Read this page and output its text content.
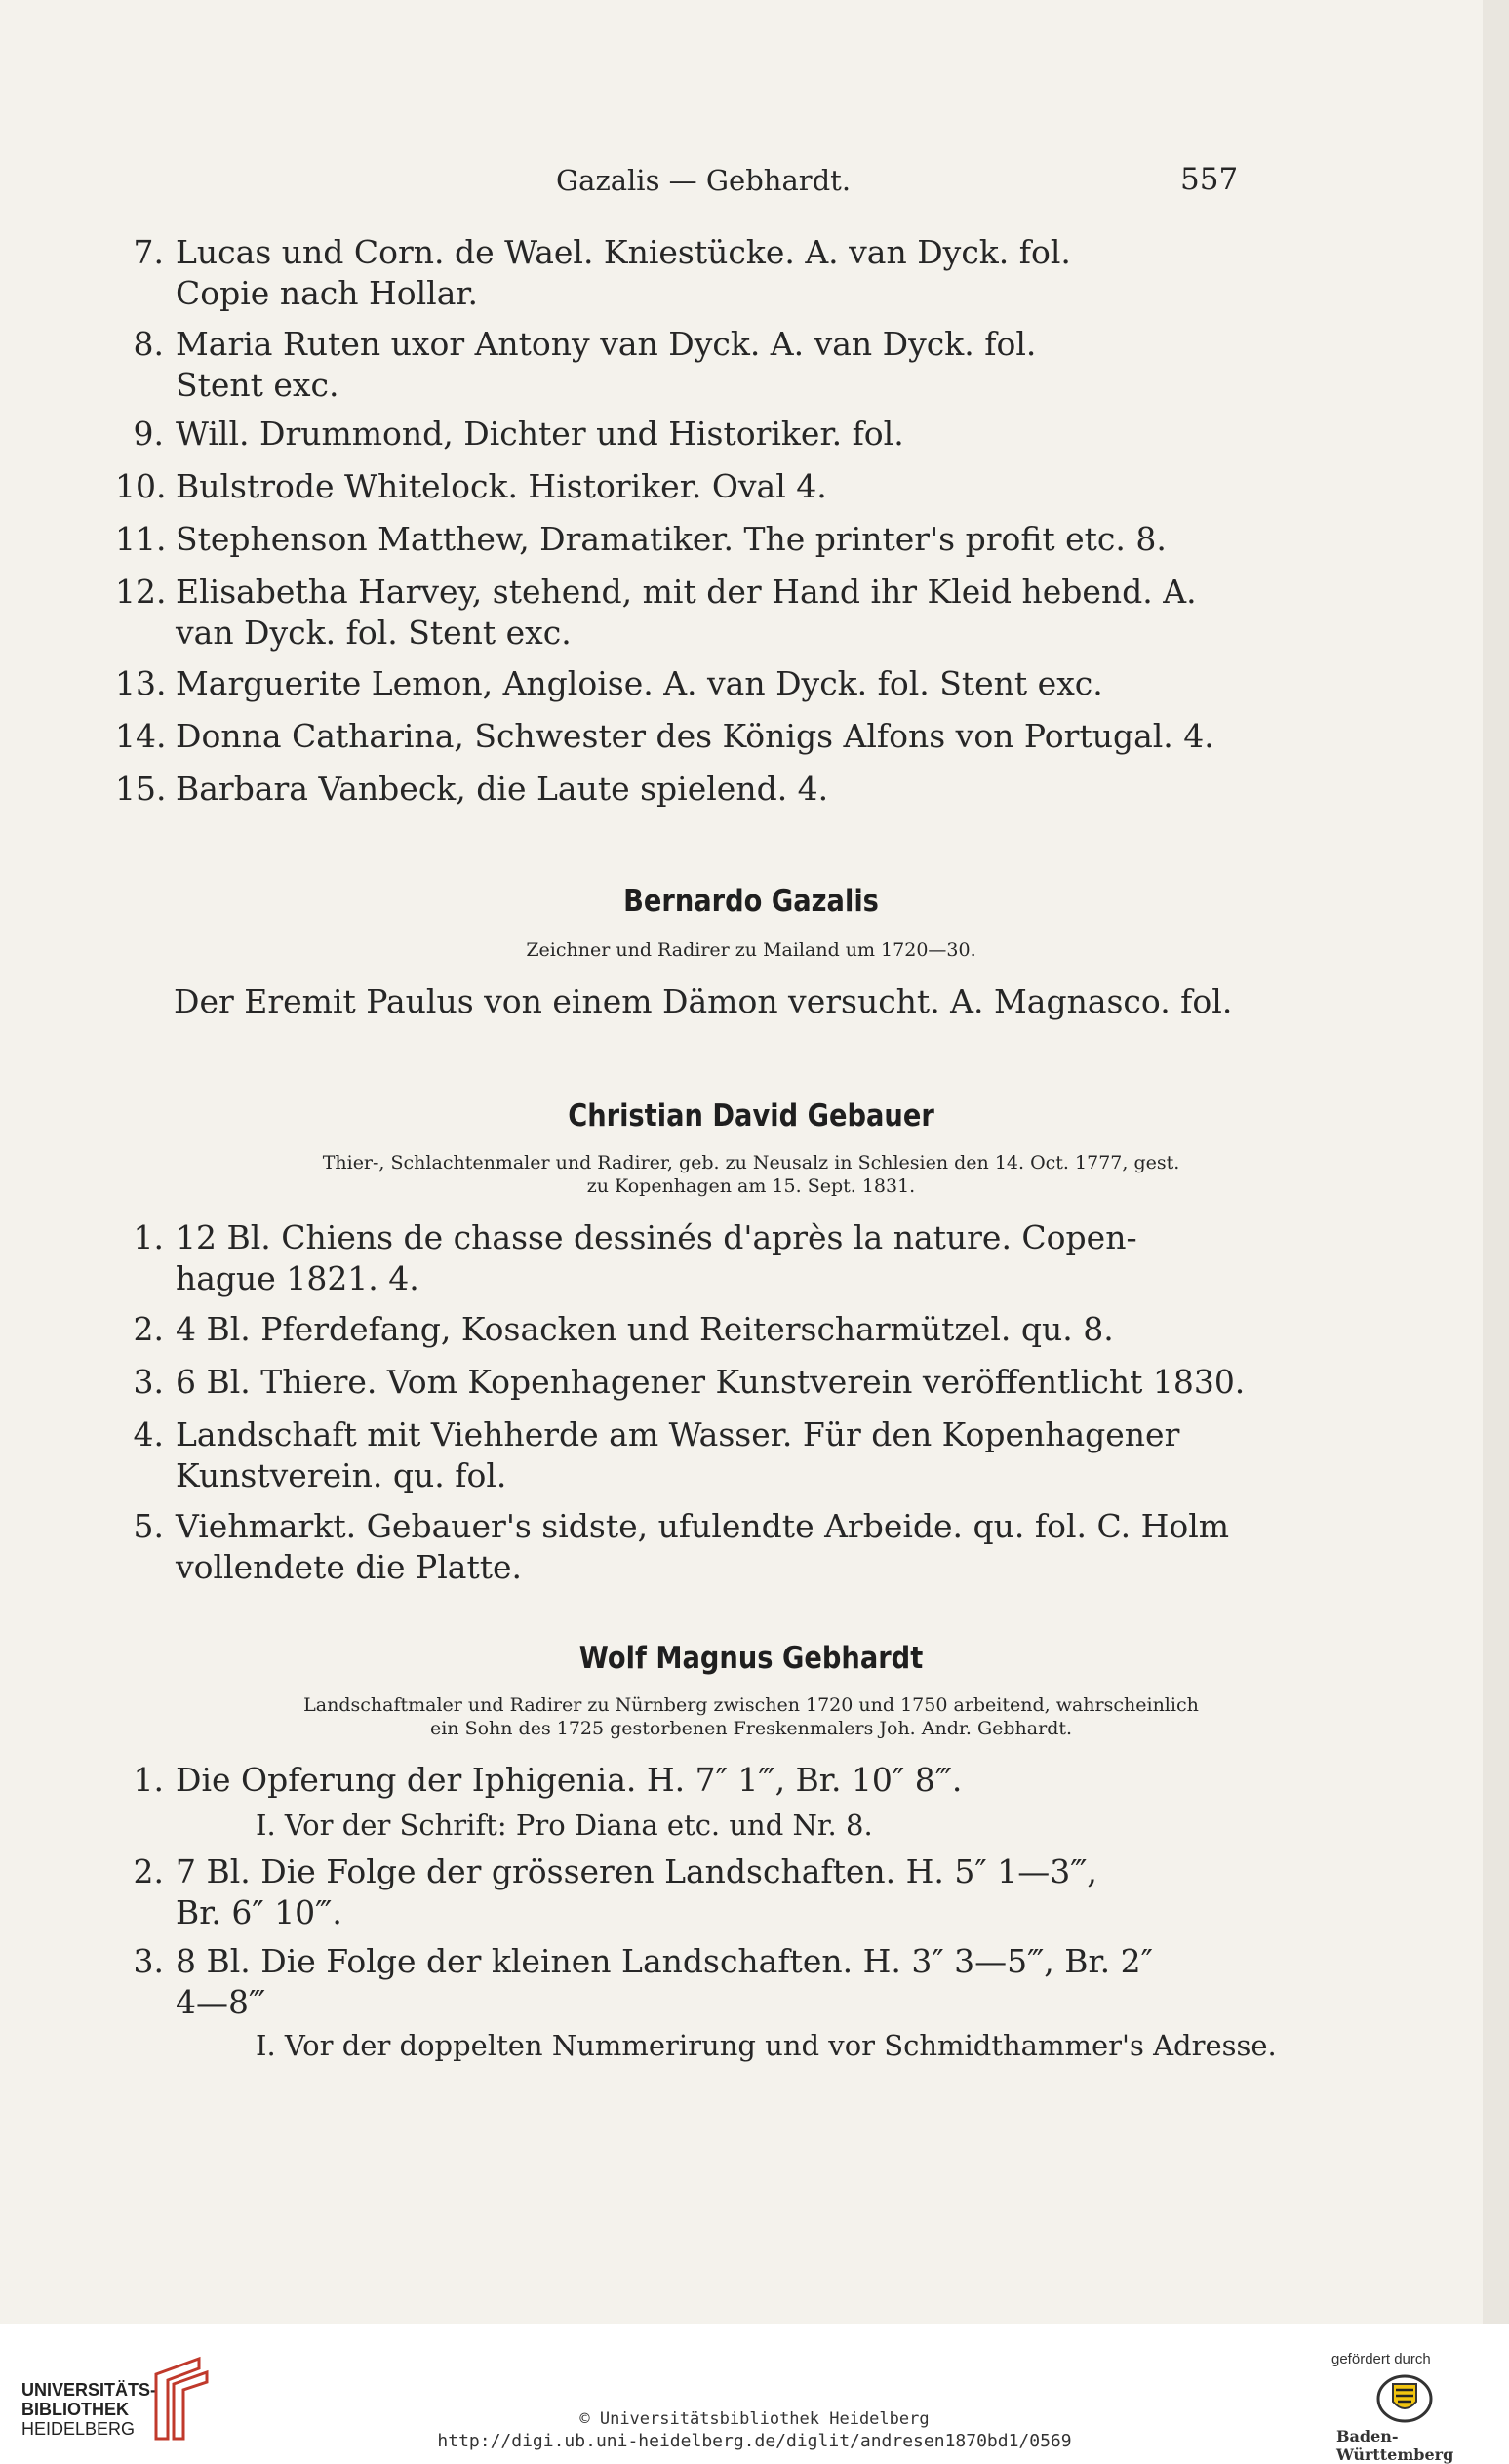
Gazalis — Gebhardt.	557
7. Lucas und Corn. de Wael. Kniestücke. A. van Dyck. fol.
Copie nach Hollar.
8. Maria Ruten uxor Antony van Dyck. A. van Dyck. fol.
Stent exc.
9. Will. Drummond, Dichter und Historiker. fol.
10. Bulstrode Whitelock. Historiker. Oval 4.
11. Stephenson Matthew, Dramatiker. The printer's profit etc. 8.
12. Elisabetha Harvey, stehend, mit der Hand ihr Kleid hebend. A.
van Dyck. fol. Stent exc.
13. Marguerite Lemon, Angloise. A. van Dyck. fol. Stent exc.
14. Donna Catharina, Schwester des Königs Alfons von Portugal. 4.
15. Barbara Vanbeck, die Laute spielend. 4.
Bernardo Gazalis
Zeichner und Radirer zu Mailand um 1720—30.
Der Eremit Paulus von einem Dämon versucht. A. Magnasco. fol.
Christian David Gebauer
Thier-, Schlachtenmaler und Radirer, geb. zu Neusalz in Schlesien den 14. Oct. 1777, gest.
zu Kopenhagen am 15. Sept. 1831.
1. 12 Bl. Chiens de chasse dessinés d'après la nature. Copen-
hague 1821. 4.
2. 4 Bl. Pferdefang, Kosacken und Reiterscharmützel. qu. 8.
3. 6 Bl. Thiere. Vom Kopenhagener Kunstverein veröffentlicht 1830.
4. Landschaft mit Viehherde am Wasser. Für den Kopenhagener
Kunstverein. qu. fol.
5. Viehmarkt. Gebauer's sidste, ufulendte Arbeide. qu. fol. C. Holm
vollendete die Platte.
Wolf Magnus Gebhardt
Landschaftmaler und Radirer zu Nürnberg zwischen 1720 und 1750 arbeitend, wahrscheinlich
ein Sohn des 1725 gestorbenen Freskenmalers Joh. Andr. Gebhardt.
1. Die Opferung der Iphigenia. H. 7″ 1‴, Br. 10″ 8‴.
I. Vor der Schrift: Pro Diana etc. und Nr. 8.
2. 7 Bl. Die Folge der grösseren Landschaften. H. 5″ 1—3‴,
Br. 6″ 10‴.
3. 8 Bl. Die Folge der kleinen Landschaften. H. 3″ 3—5‴, Br. 2″
4—8‴
I. Vor der doppelten Nummerirung und vor Schmidthammer's Adresse.
UNIVERSITÄTS-
BIBLIOTHEK
HEIDELBERG	© Universitätsbibliothek Heidelberg
http://digi.ub.uni-heidelberg.de/diglit/andresen1870bd1/0569
gefördert durch
Baden-Württemberg
